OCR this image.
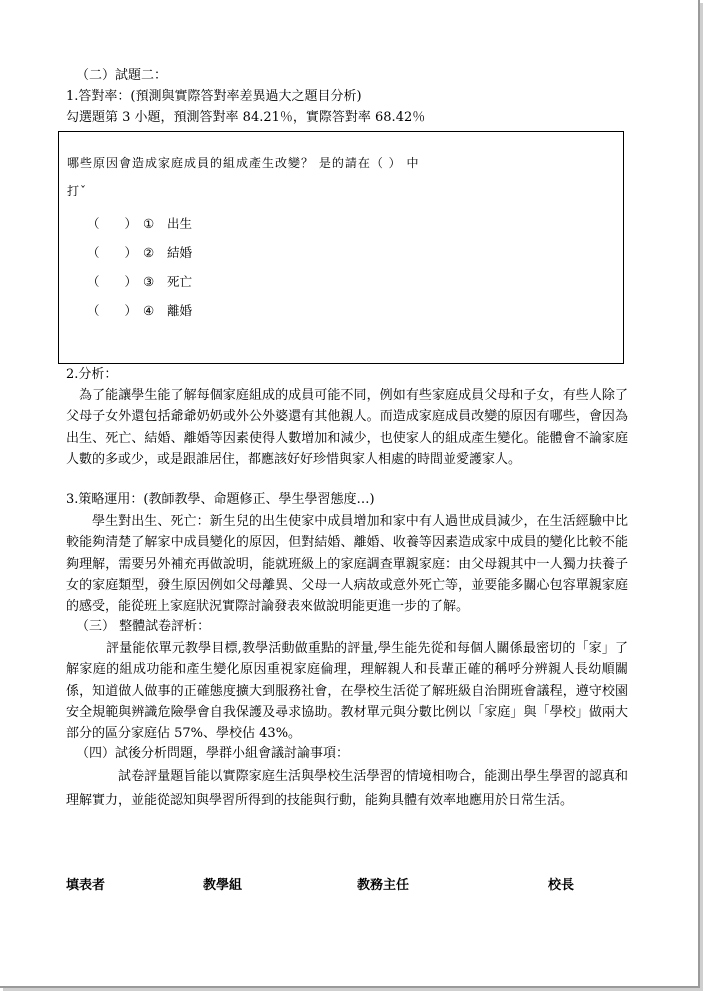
（二）試題二：
1.答對率：(預測與實際答對率差異過大之題目分析)
勾選題第 3 小題，預測答對率 84.21％，實際答對率 68.42％
哪些原因會造成家庭成員的組成產生改變？ 是的請在（ ） 中
打ˇ
（　　） ① 出生
（　　） ② 結婚
（　　） ③ 死亡
（　　） ④ 離婚
2.分析：
為了能讓學生能了解每個家庭組成的成員可能不同，例如有些家庭成員父母和子女，有些人除了父母子女外還包括爺爺奶奶或外公外婆還有其他親人。而造成家庭成員改變的原因有哪些，會因為出生、死亡、結婚、離婚等因素使得人數增加和減少，也使家人的組成產生變化。能體會不論家庭人數的多或少，或是跟誰居住，都應該好好珍惜與家人相處的時間並愛護家人。
3.策略運用：(教師教學、命題修正、學生學習態度…)
學生對出生、死亡：新生兒的出生使家中成員增加和家中有人過世成員減少，在生活經驗中比較能夠清楚了解家中成員變化的原因，但對結婚、離婚、收養等因素造成家中成員的變化比較不能夠理解，需要另外補充再做說明，能就班級上的家庭調查單親家庭：由父母親其中一人獨力扶養子女的家庭類型，發生原因例如父母離異、父母一人病故或意外死亡等，並要能多關心包容單親家庭的感受，能從班上家庭狀況實際討論發表來做說明能更進一步的了解。
（三） 整體試卷評析：
評量能依單元教學目標,教學活動做重點的評量,學生能先從和每個人關係最密切的「家」了解家庭的組成功能和產生變化原因重視家庭倫理，理解親人和長輩正確的稱呼分辨親人長幼順關係，知道做人做事的正確態度擴大到服務社會，在學校生活從了解班級自治開班會議程，遵守校園安全規範與辨識危險學會自我保護及尋求協助。教材單元與分數比例以「家庭」與「學校」做兩大部分的區分家庭佔 57%、學校佔 43%。
（四）試後分析問題，學群小組會議討論事項：
試卷評量題旨能以實際家庭生活與學校生活學習的情境相吻合，能測出學生學習的認真和理解實力，並能從認知與學習所得到的技能與行動，能夠具體有效率地應用於日常生活。
填表者	教學組	教務主任	校長
